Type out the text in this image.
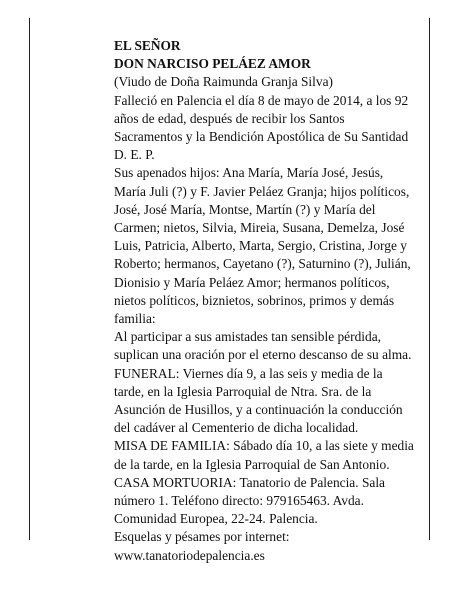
EL SEÑOR

DON NARCISO PELÁEZ AMOR

(Viudo de Doña Raimunda Granja Silva)

Falleció en Palencia el día 8 de mayo de 2014, a los 92 años de edad, después de recibir los Santos Sacramentos y la Bendición Apostólica de Su Santidad D. E. P.

Sus apenados hijos: Ana María, María José, Jesús, María Juli (?) y F. Javier Peláez Granja; hijos políticos, José, José María, Montse, Martín (?) y María del Carmen; nietos, Silvia, Mireia, Susana, Demelza, José Luis, Patricia, Alberto, Marta, Sergio, Cristina, Jorge y Roberto; hermanos, Cayetano (?), Saturnino (?), Julián, Dionisio y María Peláez Amor; hermanos políticos, nietos políticos, biznietos, sobrinos, primos y demás familia:

Al participar a sus amistades tan sensible pérdida, suplican una oración por el eterno descanso de su alma.

FUNERAL: Viernes día 9, a las seis y media de la tarde, en la Iglesia Parroquial de Ntra. Sra. de la Asunción de Husillos, y a continuación la conducción del cadáver al Cementerio de dicha localidad.

MISA DE FAMILIA: Sábado día 10, a las siete y media de la tarde, en la Iglesia Parroquial de San Antonio.

CASA MORTUORIA: Tanatorio de Palencia. Sala número 1. Teléfono directo: 979165463. Avda. Comunidad Europea, 22-24. Palencia.

Esquelas y pésames por internet: www.tanatoriodepalencia.es
